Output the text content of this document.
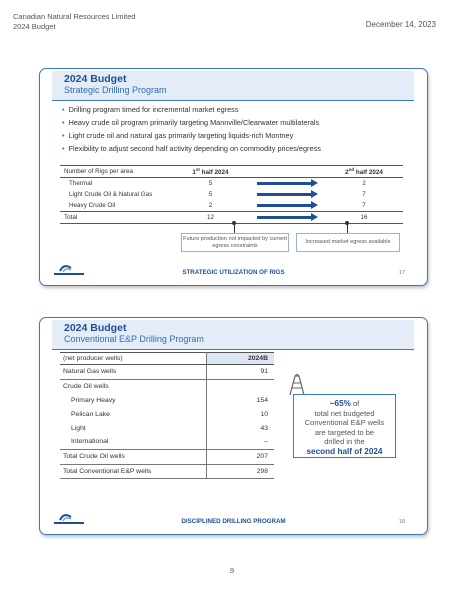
Canadian Natural Resources Limited
2024 Budget	December 14, 2023
2024 Budget
Strategic Drilling Program
• Drilling program timed for incremental market egress
• Heavy crude oil program primarily targeting Mannville/Clearwater multilaterals
• Light crude oil and natural gas primarily targeting liquids-rich Montney
• Flexibility to adjust second half activity depending on commodity prices/egress
Number of Rigs per area	1st half 2024		2nd half 2024
Thermal	5		2
Light Crude Oil & Natural Gas	5		7
Heavy Crude Oil	2		7
Total	12		16
Future production not impacted by current egress constraints
Increased market egress available
STRATEGIC UTILIZATION OF RIGS	17
2024 Budget
Conventional E&P Drilling Program
(net producer wells)	2024B
Natural Gas wells	91
Crude Oil wells	
Primary Heavy	154
Pelican Lake	10
Light	43
International	–
Total Crude Oil wells	207
Total Conventional E&P wells	298
~65% of
total net budgeted
Conventional E&P wells
are targeted to be
drilled in the
second half of 2024
DISCIPLINED DRILLING PROGRAM	18
9
